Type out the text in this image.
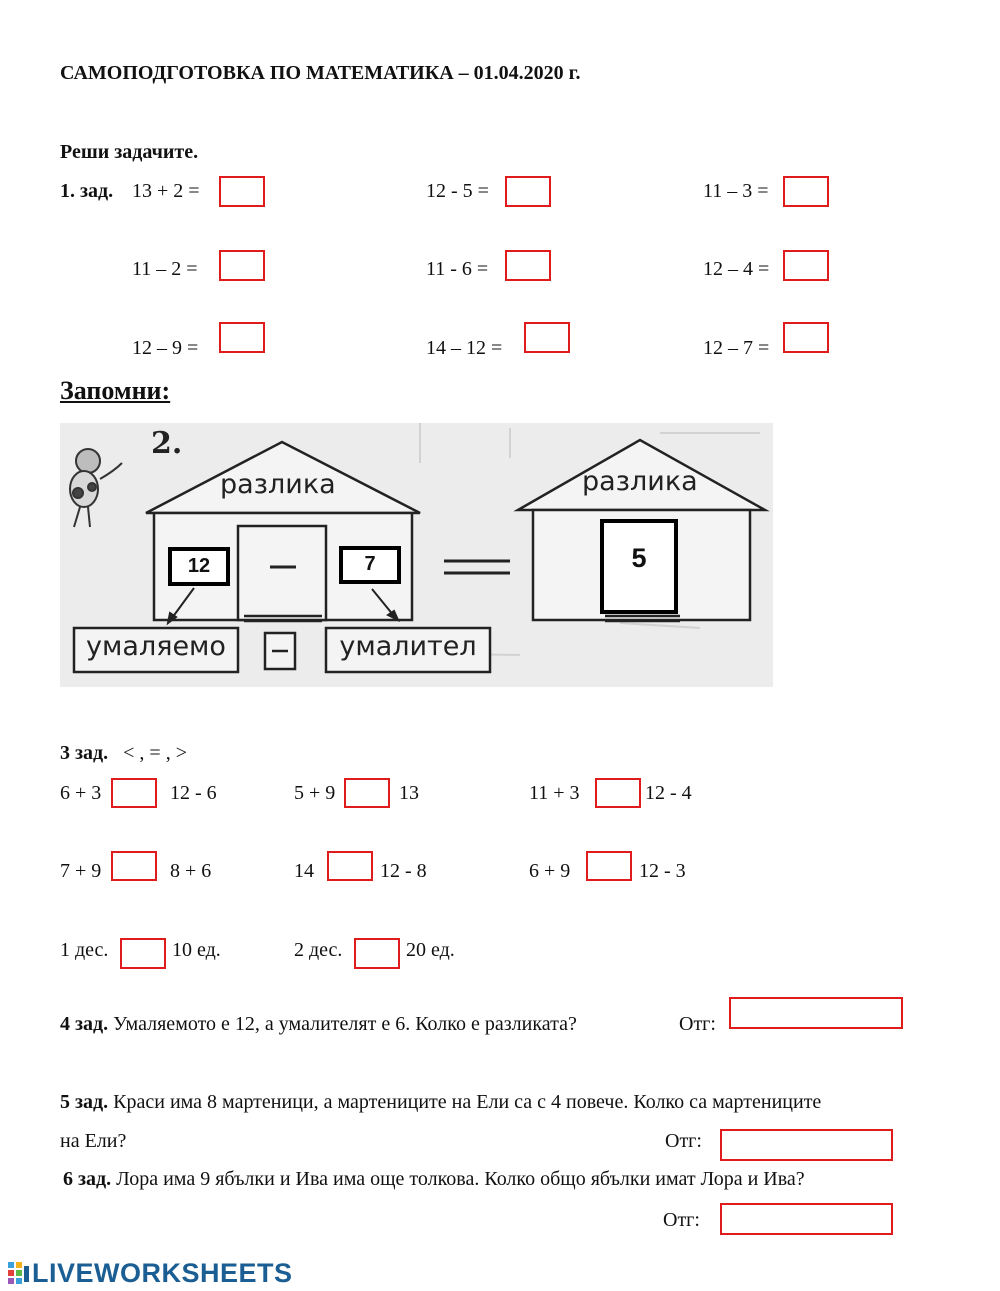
САМОПОДГОТОВКА ПО МАТЕМАТИКА – 01.04.2020 г.
Реши задачите.
1. зад. 13 + 2 =	12 - 5 =	11 – 3 =
11 – 2 =	11 - 6 =	12 – 4 =
12 – 9 =	14 – 12 =	12 – 7 =
Запомни:
2.
разлика	разлика
12	7	5
умаляемо	умалител
3 зад. < , = , >
6 + 3	12 - 6	5 + 9	13	11 + 3	12 - 4
7 + 9	8 + 6	14	12 - 8	6 + 9	12 - 3
1 дес.	10 ед.	2 дес.	20 ед.
4 зад. Умаляемото е 12, а умалителят е 6. Колко е разликата?	Отг:
5 зад. Краси има 8 мартеници, а мартениците на Ели са с 4 повече. Колко са мартениците
на Ели?	Отг:
6 зад. Лора има 9 ябълки и Ива има още толкова. Колко общо ябълки имат Лора и Ива?
Отг:
LIVEWORKSHEETS
